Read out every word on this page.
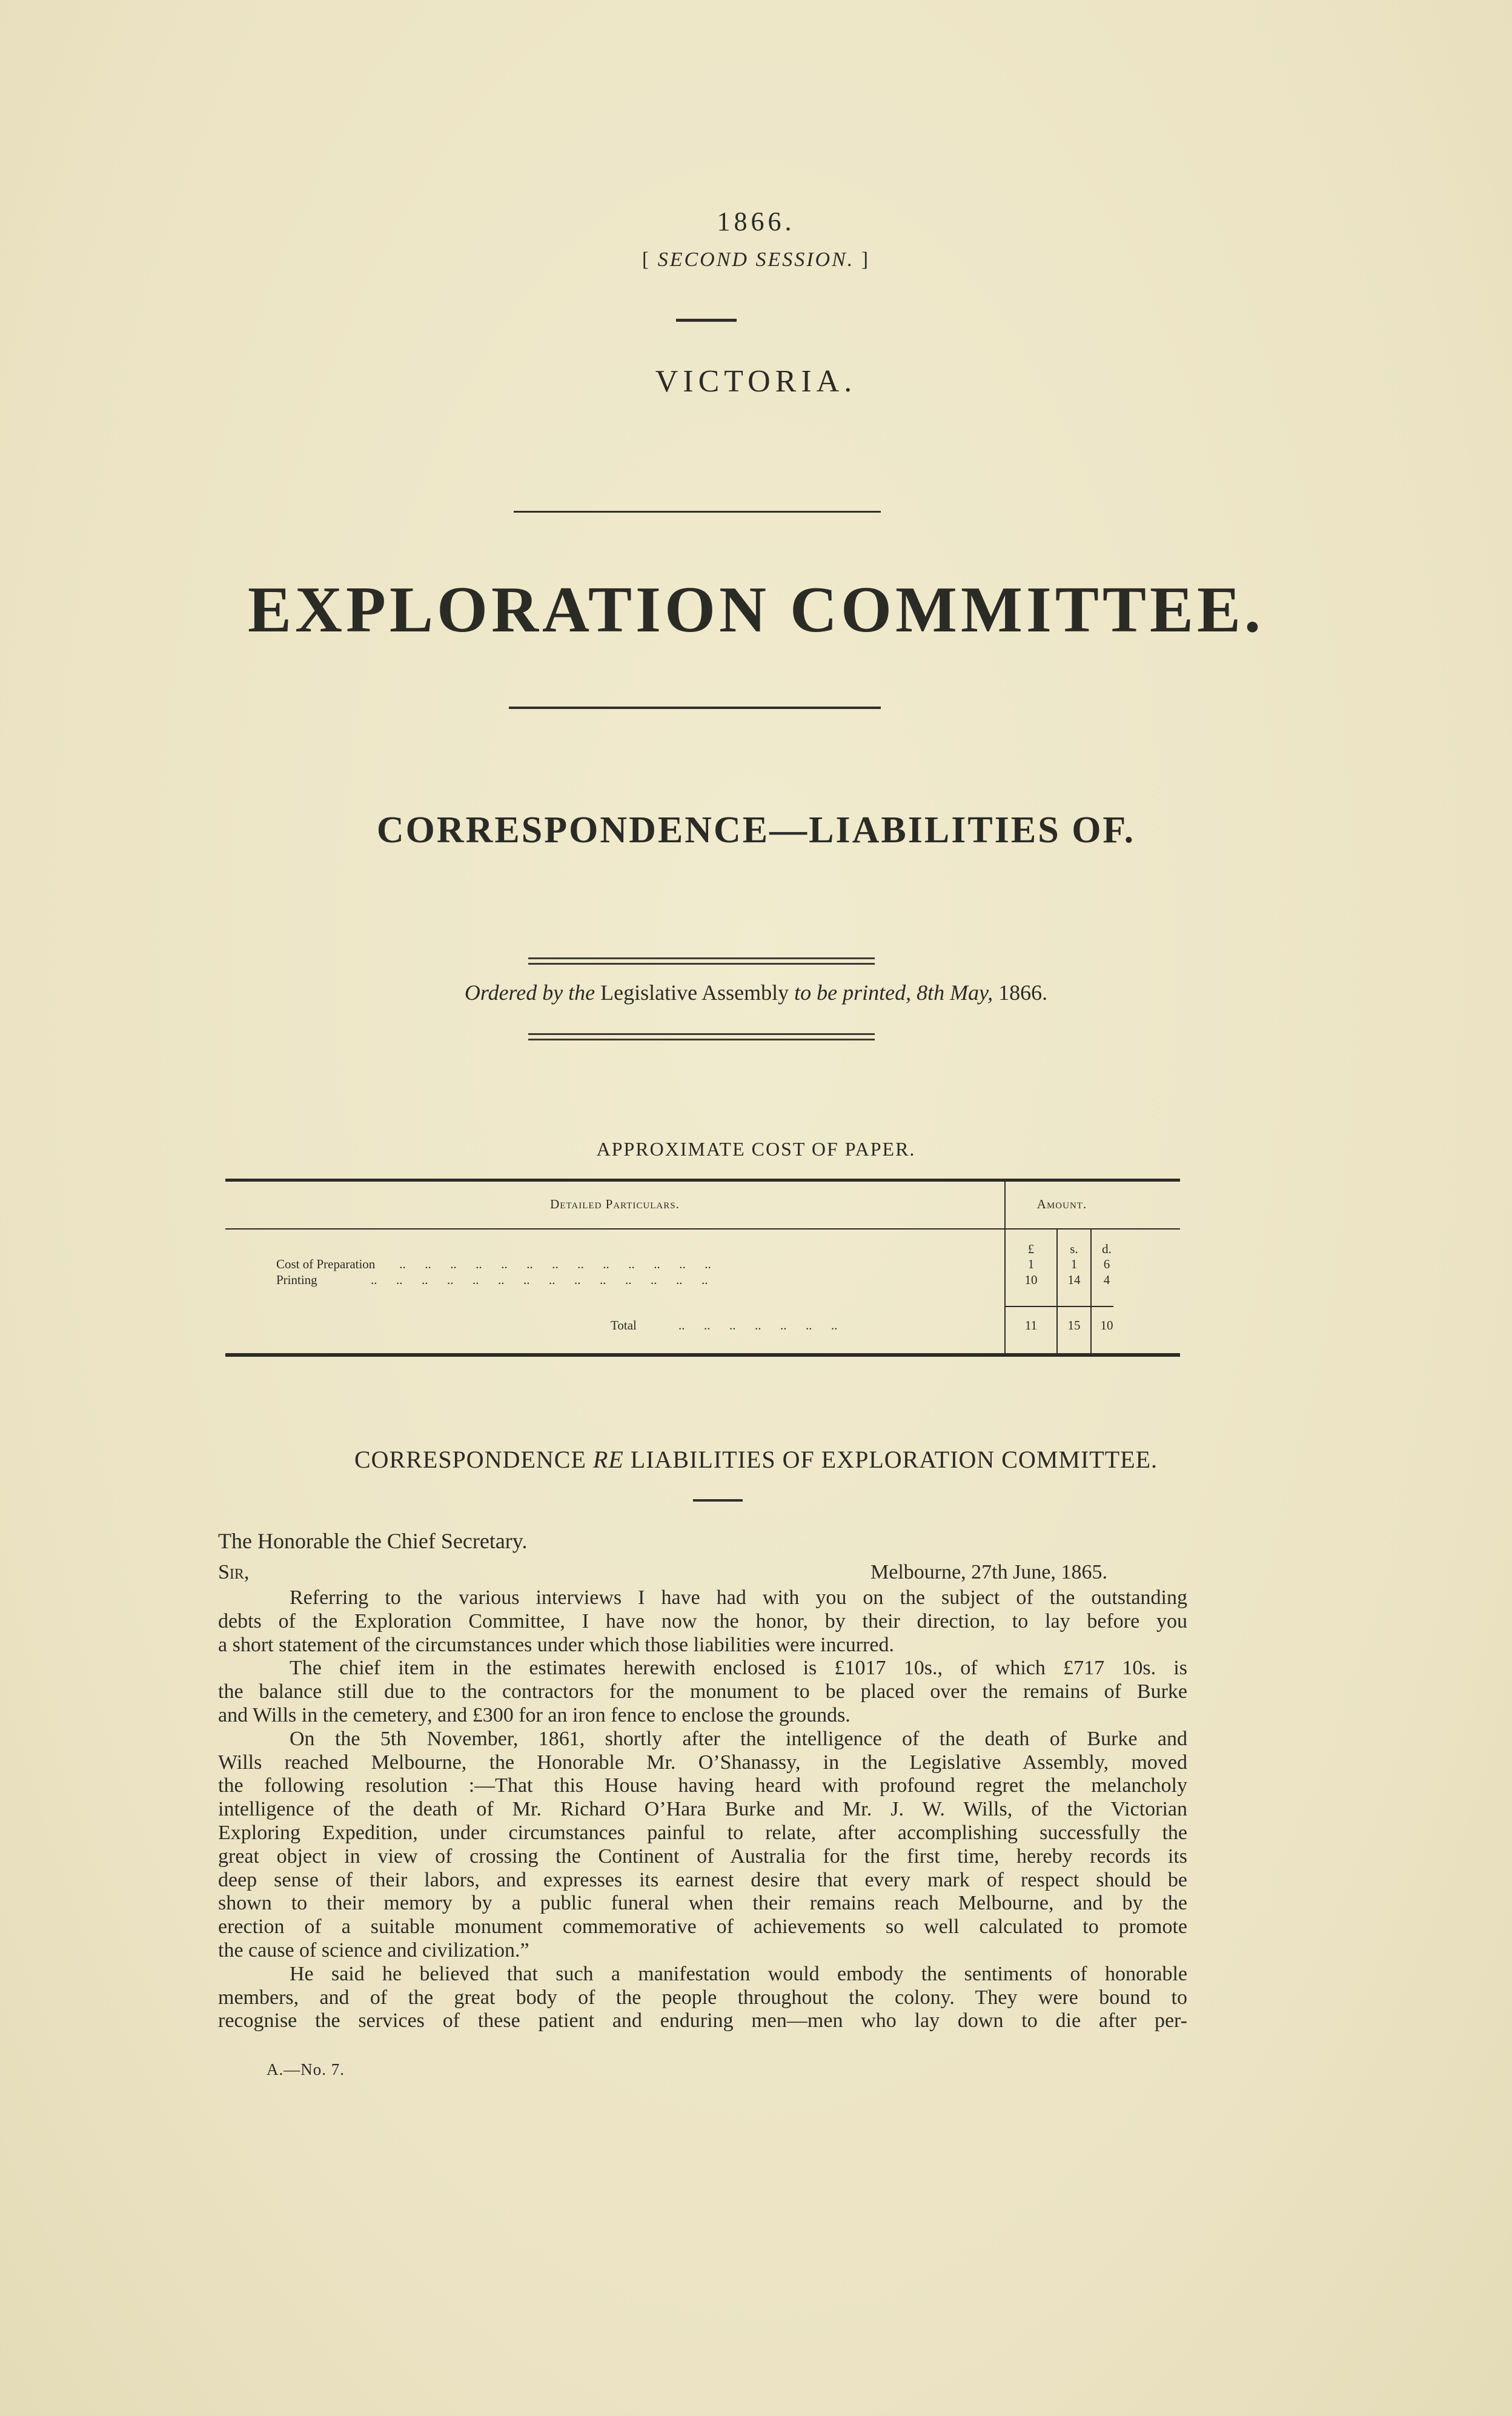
1866.
[ SECOND SESSION. ]
VICTORIA.
EXPLORATION COMMITTEE.
CORRESPONDENCE—LIABILITIES OF.
Ordered by the Legislative Assembly to be printed, 8th May, 1866.
APPROXIMATE COST OF PAPER.
Detailed Particulars.	Amount.
£	s.	d.
Cost of Preparation ..      ..      ..      ..      ..      ..      ..      ..      ..      ..      ..      ..      ..	1	1	6
Printing	..      ..      ..      ..      ..      ..      ..      ..      ..      ..      ..      ..      ..      ..	10	14	4
Total	..      ..      ..      ..      ..      ..      ..	11	15	10
CORRESPONDENCE RE LIABILITIES OF EXPLORATION COMMITTEE.
The Honorable the Chief Secretary.
Sir,	Melbourne, 27th June, 1865.
Referring to the various interviews I have had with you on the subject of the outstanding
debts of the Exploration Committee, I have now the honor, by their direction, to lay before you
a short statement of the circumstances under which those liabilities were incurred.
The chief item in the estimates herewith enclosed is £1017 10s., of which £717 10s. is
the balance still due to the contractors for the monument to be placed over the remains of Burke
and Wills in the cemetery, and £300 for an iron fence to enclose the grounds.
On the 5th November, 1861, shortly after the intelligence of the death of Burke and
Wills reached Melbourne, the Honorable Mr. O’Shanassy, in the Legislative Assembly, moved
the following resolution :—That this House having heard with profound regret the melancholy
intelligence of the death of Mr. Richard O’Hara Burke and Mr. J. W. Wills, of the Victorian
Exploring Expedition, under circumstances painful to relate, after accomplishing successfully the
great object in view of crossing the Continent of Australia for the first time, hereby records its
deep sense of their labors, and expresses its earnest desire that every mark of respect should be
shown to their memory by a public funeral when their remains reach Melbourne, and by the
erection of a suitable monument commemorative of achievements so well calculated to promote
the cause of science and civilization.”
He said he believed that such a manifestation would embody the sentiments of honorable
members, and of the great body of the people throughout the colony. They were bound to
recognise the services of these patient and enduring men—men who lay down to die after per-
A.—No. 7.
